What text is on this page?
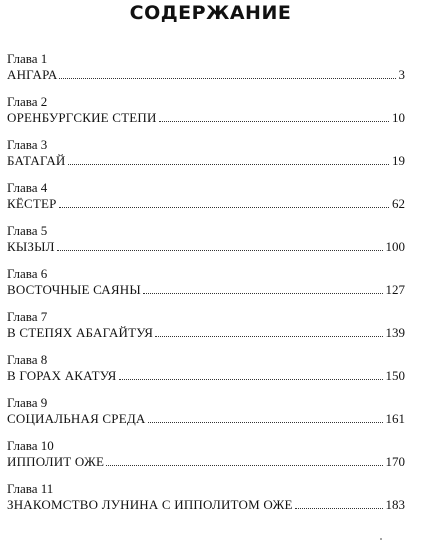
СОДЕРЖАНИЕ
Глава 1
АНГАРА	3
Глава 2
ОРЕНБУРГСКИЕ СТЕПИ	10
Глава 3
БАТАГАЙ	19
Глава 4
КЁСТЕР	62
Глава 5
КЫЗЫЛ	100
Глава 6
ВОСТОЧНЫЕ САЯНЫ	127
Глава 7
В СТЕПЯХ АБАГАЙТУЯ	139
Глава 8
В ГОРАХ АКАТУЯ	150
Глава 9
СОЦИАЛЬНАЯ СРЕДА	161
Глава 10
ИППОЛИТ ОЖЕ	170
Глава 11
ЗНАКОМСТВО ЛУНИНА С ИППОЛИТОМ ОЖЕ	183
